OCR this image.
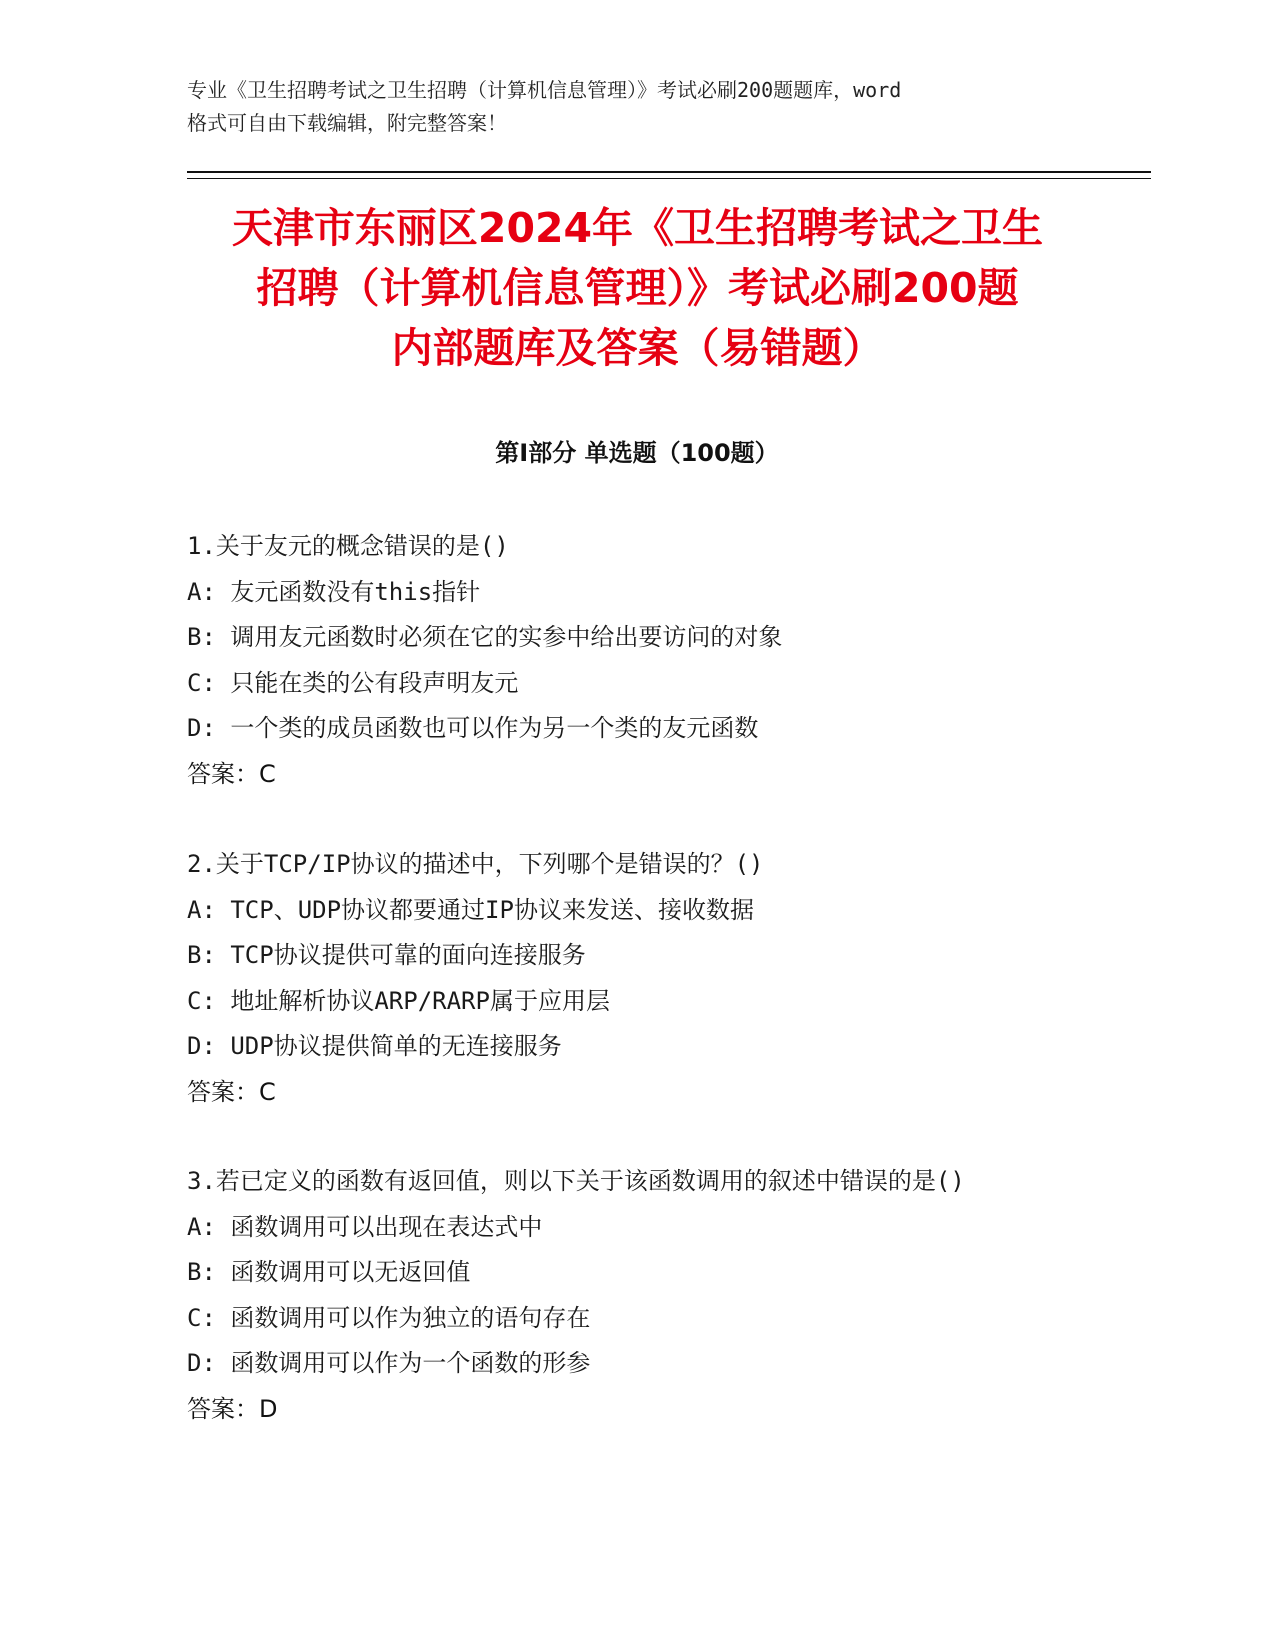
专业《卫生招聘考试之卫生招聘（计算机信息管理）》考试必刷200题题库，word
格式可自由下载编辑，附完整答案！
天津市东丽区2024年《卫生招聘考试之卫生
招聘（计算机信息管理）》考试必刷200题
内部题库及答案（易错题）
第Ⅰ部分 单选题（100题）
1.关于友元的概念错误的是()
A: 友元函数没有this指针
B: 调用友元函数时必须在它的实参中给出要访问的对象
C: 只能在类的公有段声明友元
D: 一个类的成员函数也可以作为另一个类的友元函数
答案：C
2.关于TCP/IP协议的描述中，下列哪个是错误的？()
A: TCP、UDP协议都要通过IP协议来发送、接收数据
B: TCP协议提供可靠的面向连接服务
C: 地址解析协议ARP/RARP属于应用层
D: UDP协议提供简单的无连接服务
答案：C
3.若已定义的函数有返回值，则以下关于该函数调用的叙述中错误的是()
A: 函数调用可以出现在表达式中
B: 函数调用可以无返回值
C: 函数调用可以作为独立的语句存在
D: 函数调用可以作为一个函数的形参
答案：D
